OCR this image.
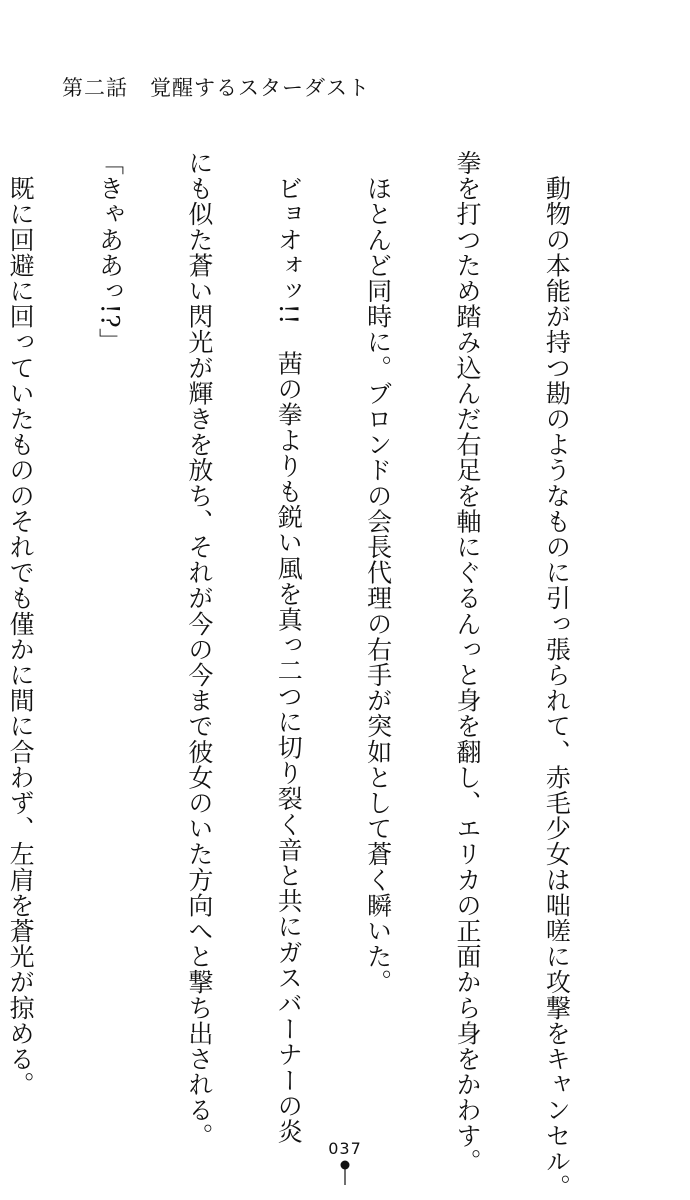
第二話　覚醒するスターダスト

　動物の本能が持つ勘のようなものに引っ張られて、赤毛少女は咄嗟に攻撃をキャンセル。

拳を打つため踏み込んだ右足を軸にぐるんっと身を翻し、エリカの正面から身をかわす。

　ほとんど同時に。ブロンドの会長代理の右手が突如として蒼く瞬いた。

　ビョオォッ!!　茜の拳よりも鋭い風を真っ二つに切り裂く音と共にガスバーナーの炎

にも似た蒼い閃光が輝きを放ち、それが今の今まで彼女のいた方向へと撃ち出される。

「きゃああっ!?」

　既に回避に回っていたもののそれでも僅かに間に合わず、左肩を蒼光が掠める。

037
